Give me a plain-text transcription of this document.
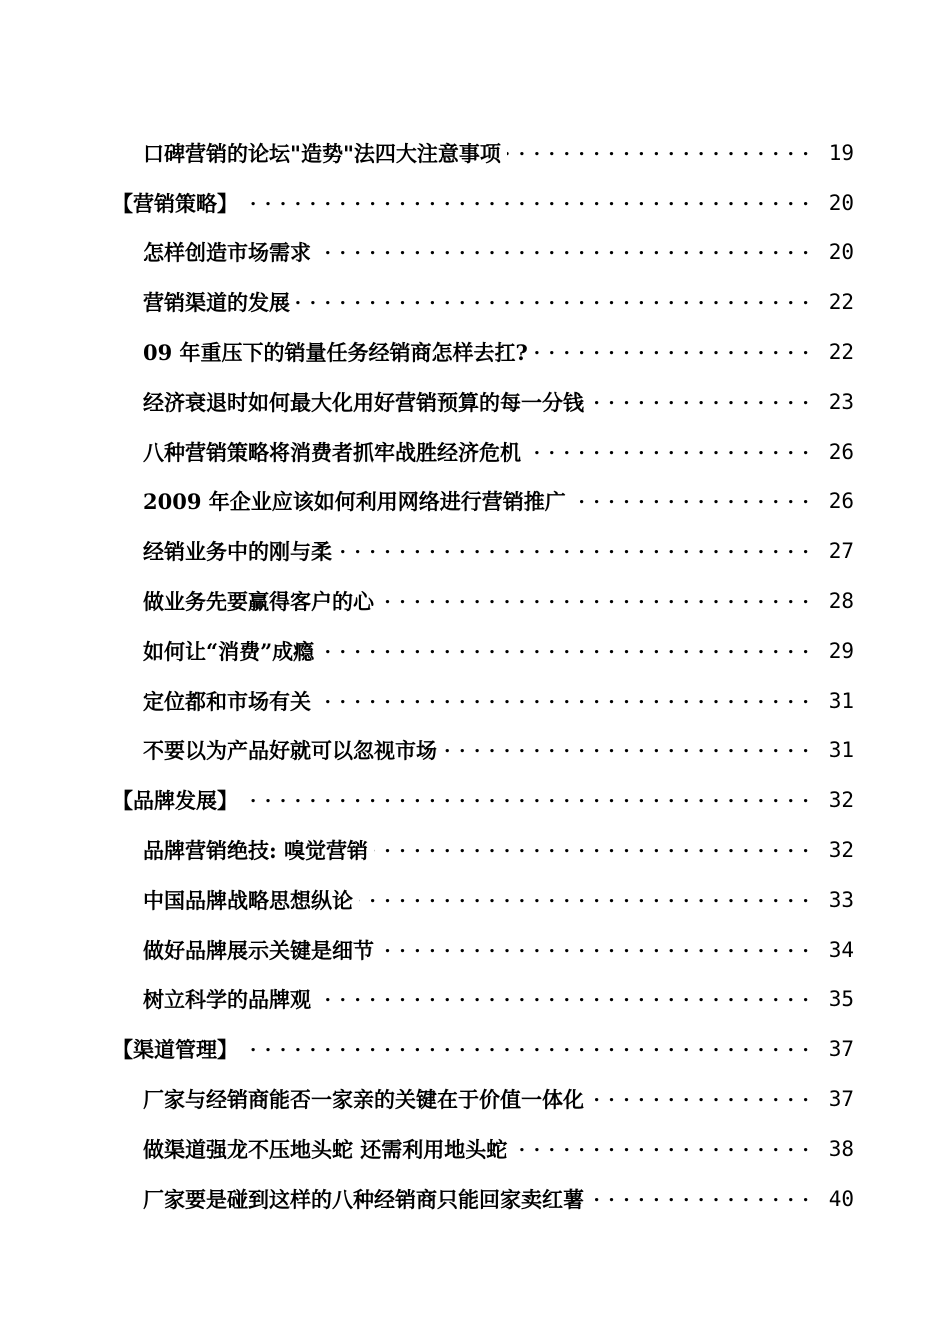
口碑营销的论坛"造势"法四大注意事项 . . .	19
【营销策略】 . . .	20
怎样创造市场需求 . . .	20
营销渠道的发展 . . .	22
09 年重压下的销量任务经销商怎样去扛? . . .	22
经济衰退时如何最大化用好营销预算的每一分钱 . . .	23
八种营销策略将消费者抓牢战胜经济危机 . . .	26
2009 年企业应该如何利用网络进行营销推广 . . .	26
经销业务中的刚与柔 . . .	27
做业务先要赢得客户的心 . . .	28
如何让“消费”成瘾 . . .	29
定位都和市场有关 . . .	31
不要以为产品好就可以忽视市场 . . .	31
【品牌发展】 . . .	32
品牌营销绝技: 嗅觉营销 . . .	32
中国品牌战略思想纵论 . . .	33
做好品牌展示关键是细节 . . .	34
树立科学的品牌观 . . .	35
【渠道管理】 . . .	37
厂家与经销商能否一家亲的关键在于价值一体化 . . .	37
做渠道强龙不压地头蛇 还需利用地头蛇 . . .	38
厂家要是碰到这样的八种经销商只能回家卖红薯 . . .	40
